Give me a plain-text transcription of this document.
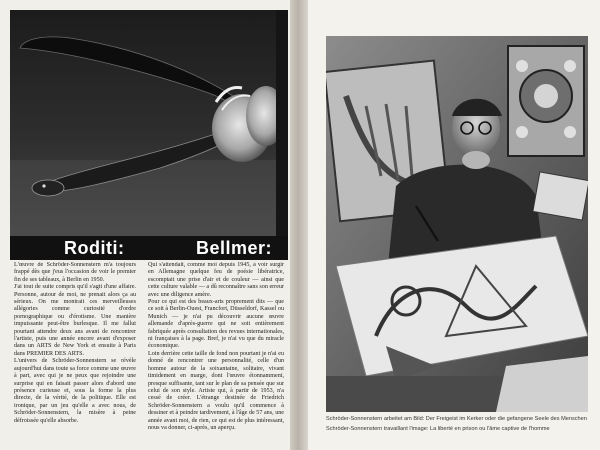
Roditi:	Bellmer:

L'œuvre de Schröder-Sonnenstern m'a toujours frappé dès que j'eus l'occasion de voir le premier fin de ses tableaux, à Berlin en 1950.

J'ai tout de suite compris qu'il s'agit d'une affaire. Personne, autour de moi, ne prenait alors ça au sérieux. On me montrait ces merveilleuses allégories comme curiosité d'ordre pornographique ou d'érotisme. Une manière impuissante peut-être burlesque. Il me fallut pourtant attendre deux ans avant de rencontrer l'artiste, puis une année encore avant d'exposer dans un ARTS de New York et ensuite à Paris dans PREMIER DES ARTS.

L'univers de Schröder-Sonnenstern se révèle aujourd'hui dans toute sa force comme une œuvre à part, avec qui je ne peux que rejoindre une surprise qui en faisait passer alors d'abord une présence curieuse et, sous la forme la plus directe, de la vérité, de la politique. Elle est ironique, par un jeu qu'elle a avec nous, de Schröder-Sonnenstern, la misère à peine défroissée qu'elle absorbe.

Qui s'attendait, comme moi depuis 1945, à voir surgir en Allemagne quelque feu de poésie libératrice, escomptait une prise d'air et de couleur — ainsi que cette culture valable — a dû reconnaître sans son erreur avec une diligence amère.

Pour ce qui est des beaux-arts proprement dits — que ce soit à Berlin-Ouest, Francfort, Düsseldorf, Kassel ou Munich — je n'ai pu découvrir aucune œuvre allemande d'après-guerre qui ne soit entièrement fabriquée après consultation des revues internationales, ni françaises à la page. Bref, je n'ai vu que du miracle économique.

Loin derrière cette taille de fond non pourtant je n'ai eu donné de rencontrer une personnalité, celle d'un homme autour de la soixantaine, solitaire, vivant timidement en marge, dont l'œuvre étonnamment, presque suffisante, tant sur le plan de sa pensée que sur celui de son style. Artiste qui, à partir de 1953, n'a cessé de créer. L'étrange destinée de Friedrich Schröder-Sonnenstern a voulu qu'il commence à dessiner et à peindre tardivement, à l'âge de 57 ans, une année avant moi, de rien, ce qui est de plus intéressant, nous va donner, ci-après, un aperçu.

Schröder-Sonnenstern arbeitet am Bild: Der Freigeist im Kerker oder die gefangene Seele des Menschen
Schröder-Sonnenstern travaillant l'image: La liberté en prison ou l'âme captive de l'homme
